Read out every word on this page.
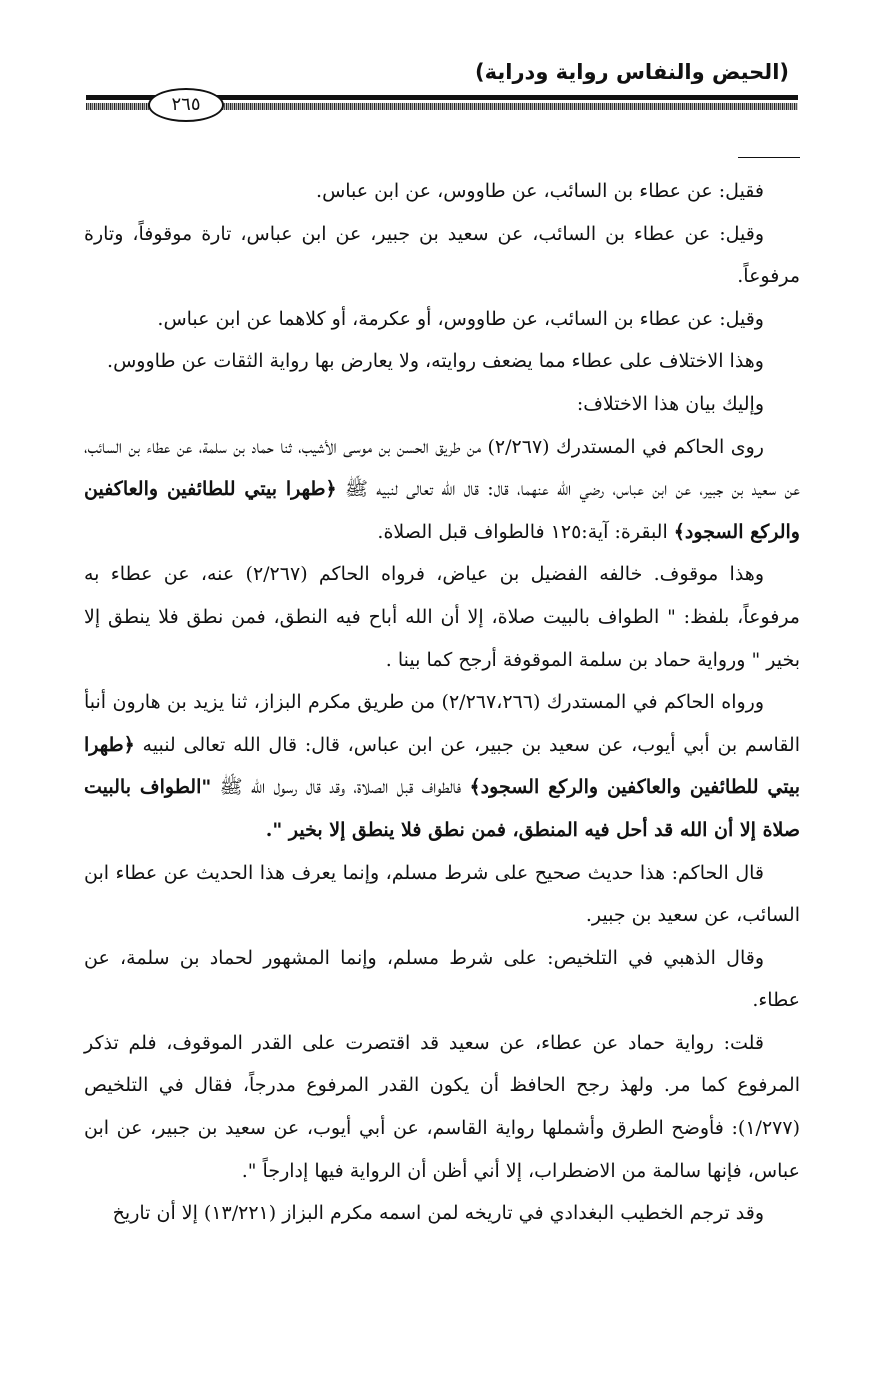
(الحيض والنفاس رواية ودراية)
٢٦٥

فقيل: عن عطاء بن السائب، عن طاووس، عن ابن عباس.

وقيل: عن عطاء بن السائب، عن سعيد بن جبير، عن ابن عباس، تارة موقوفاً، وتارة مرفوعاً.

وقيل: عن عطاء بن السائب، عن طاووس، أو عكرمة، أو كلاهما عن ابن عباس.

وهذا الاختلاف على عطاء مما يضعف روايته، ولا يعارض بها رواية الثقات عن طاووس.

وإليك بيان هذا الاختلاف:

روى الحاكم في المستدرك (٢/٢٦٧) من طريق الحسن بن موسى الأشيب، ثنا حماد بن سلمة، عن عطاء بن السائب، عن سعيد بن جبير، عن ابن عباس، رضي الله عنهما، قال: قال الله تعالى لنبيه ﷺ ﴿طهرا بيتي للطائفين والعاكفين والركع السجود﴾ البقرة: آية:١٢٥ فالطواف قبل الصلاة.

وهذا موقوف. خالفه الفضيل بن عياض، فرواه الحاكم (٢/٢٦٧) عنه، عن عطاء به مرفوعاً، بلفظ: " الطواف بالبيت صلاة، إلا أن الله أباح فيه النطق، فمن نطق فلا ينطق إلا بخير " ورواية حماد بن سلمة الموقوفة أرجح كما بينا .

ورواه الحاكم في المستدرك (٢/٢٦٧،٢٦٦) من طريق مكرم البزاز، ثنا يزيد بن هارون أنبأ القاسم بن أبي أيوب، عن سعيد بن جبير، عن ابن عباس، قال: قال الله تعالى لنبيه ﴿طهرا بيتي للطائفين والعاكفين والركع السجود﴾ فالطواف قبل الصلاة، وقد قال رسول الله ﷺ "الطواف بالبيت صلاة إلا أن الله قد أحل فيه المنطق، فمن نطق فلا ينطق إلا بخير ".

قال الحاكم: هذا حديث صحيح على شرط مسلم، وإنما يعرف هذا الحديث عن عطاء ابن السائب، عن سعيد بن جبير.

وقال الذهبي في التلخيص: على شرط مسلم، وإنما المشهور لحماد بن سلمة، عن عطاء.

قلت: رواية حماد عن عطاء، عن سعيد قد اقتصرت على القدر الموقوف، فلم تذكر المرفوع كما مر. ولهذ رجح الحافظ أن يكون القدر المرفوع مدرجاً، فقال في التلخيص (١/٢٧٧): فأوضح الطرق وأشملها رواية القاسم، عن أبي أيوب، عن سعيد بن جبير، عن ابن عباس، فإنها سالمة من الاضطراب، إلا أني أظن أن الرواية فيها إدارجاً ".

وقد ترجم الخطيب البغدادي في تاريخه لمن اسمه مكرم البزاز (١٣/٢٢١) إلا أن تاريخ
